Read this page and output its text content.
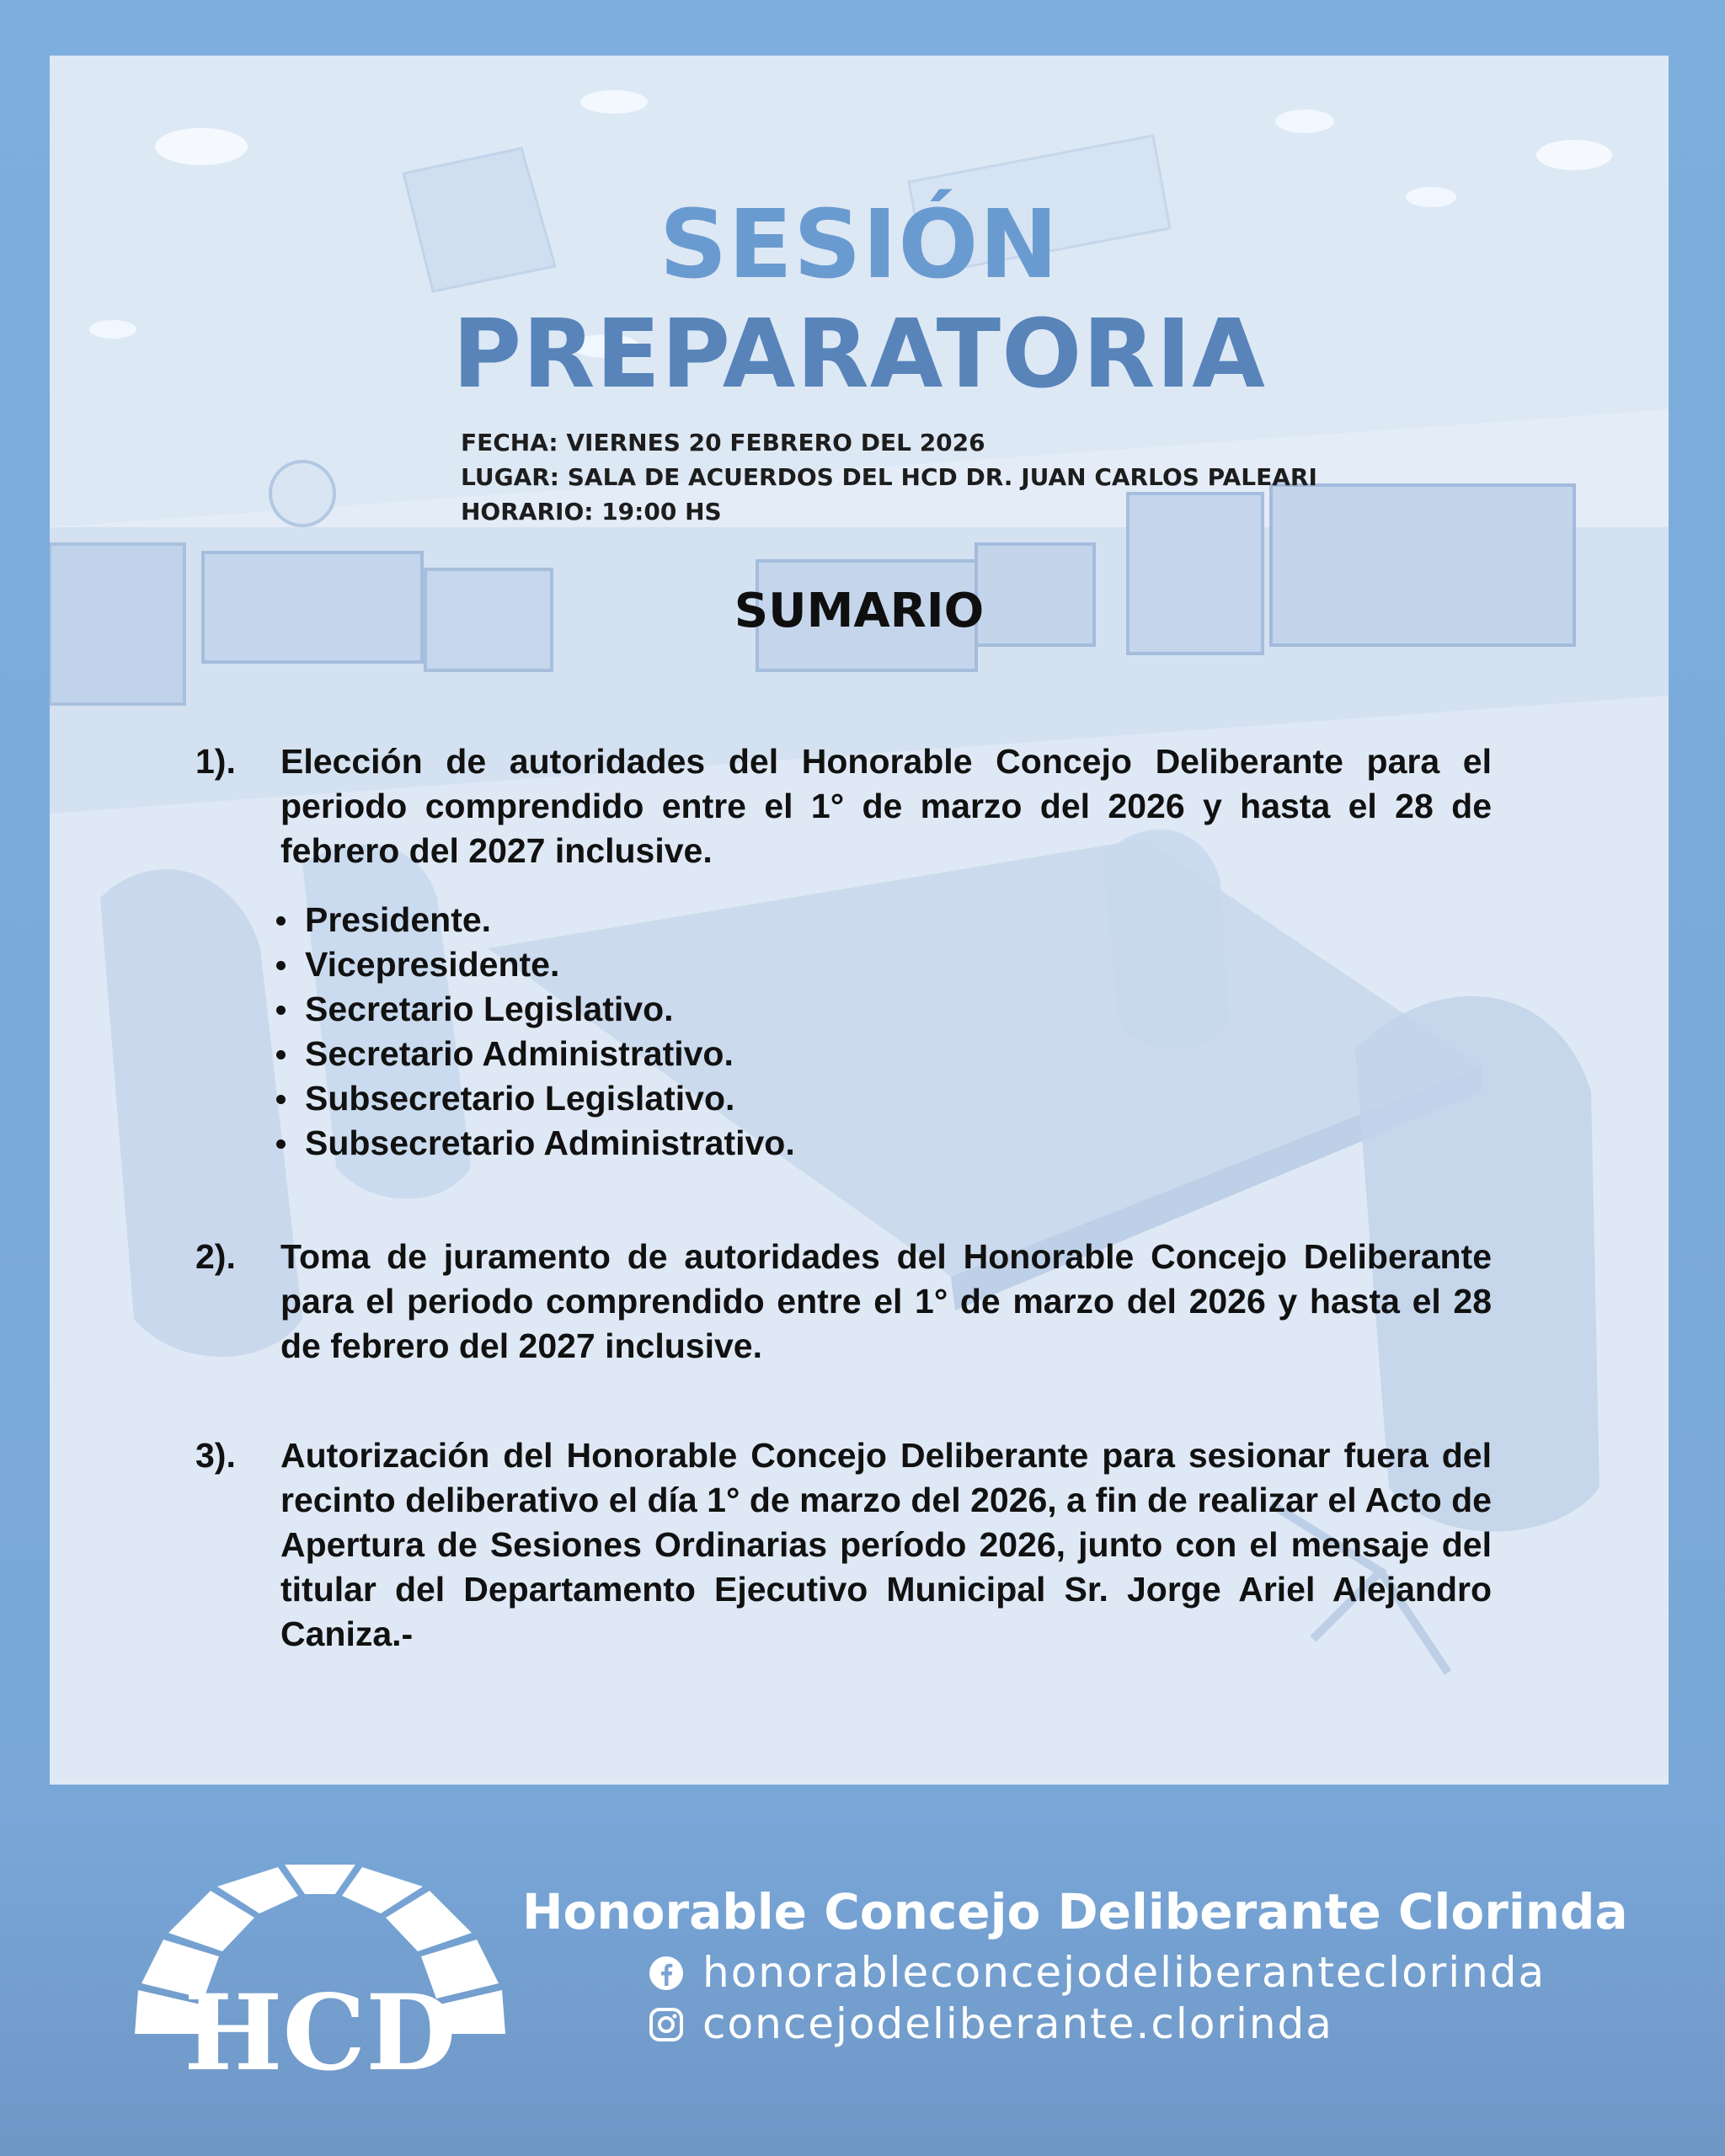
SESIÓN
PREPARATORIA
FECHA: VIERNES 20 FEBRERO DEL 2026
LUGAR: SALA DE ACUERDOS DEL HCD DR. JUAN CARLOS PALEARI
HORARIO: 19:00 HS
SUMARIO
1). Elección de autoridades del Honorable Concejo Deliberante para el periodo comprendido entre el 1° de marzo del 2026 y hasta el 28 de febrero del 2027 inclusive.

Presidente.
Vicepresidente.
Secretario Legislativo.
Secretario Administrativo.
Subsecretario Legislativo.
Subsecretario Administrativo.
2). Toma de juramento de autoridades del Honorable Concejo Deliberante para el periodo comprendido entre el 1° de marzo del 2026 y hasta el 28 de febrero del 2027 inclusive.

3). Autorización del Honorable Concejo Deliberante para sesionar fuera del recinto deliberativo el día 1° de marzo del 2026, a fin de realizar el Acto de Apertura de Sesiones Ordinarias período 2026, junto con el mensaje del titular del Departamento Ejecutivo Municipal Sr. Jorge Ariel Alejandro Caniza.-

HCD
Honorable Concejo Deliberante Clorinda
honorableconcejodeliberanteclorinda
concejodeliberante.clorinda
